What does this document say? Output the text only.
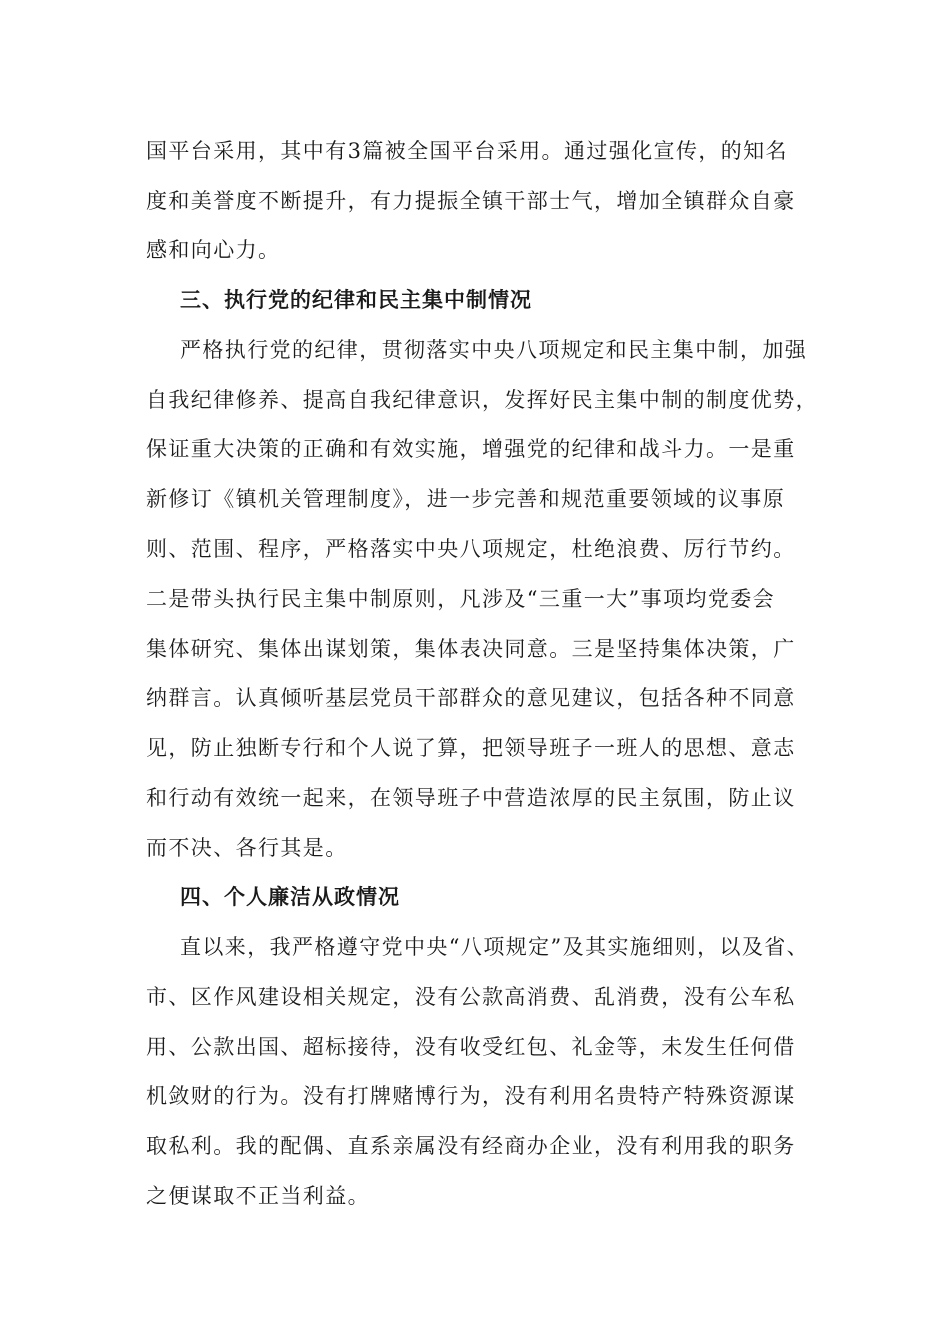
国平台采用，其中有3篇被全国平台采用。通过强化宣传，的知名
度和美誉度不断提升，有力提振全镇干部士气，增加全镇群众自豪
感和向心力。
三、执行党的纪律和民主集中制情况
严格执行党的纪律，贯彻落实中央八项规定和民主集中制，加强
自我纪律修养、提高自我纪律意识，发挥好民主集中制的制度优势，
保证重大决策的正确和有效实施，增强党的纪律和战斗力。一是重
新修订《镇机关管理制度》，进一步完善和规范重要领域的议事原
则、范围、程序，严格落实中央八项规定，杜绝浪费、厉行节约。
二是带头执行民主集中制原则，凡涉及“三重一大”事项均党委会
集体研究、集体出谋划策，集体表决同意。三是坚持集体决策，广
纳群言。认真倾听基层党员干部群众的意见建议，包括各种不同意
见，防止独断专行和个人说了算，把领导班子一班人的思想、意志
和行动有效统一起来，在领导班子中营造浓厚的民主氛围，防止议
而不决、各行其是。
四、个人廉洁从政情况
直以来，我严格遵守党中央“八项规定”及其实施细则，以及省、
市、区作风建设相关规定，没有公款高消费、乱消费，没有公车私
用、公款出国、超标接待，没有收受红包、礼金等，未发生任何借
机敛财的行为。没有打牌赌博行为，没有利用名贵特产特殊资源谋
取私利。我的配偶、直系亲属没有经商办企业，没有利用我的职务
之便谋取不正当利益。
